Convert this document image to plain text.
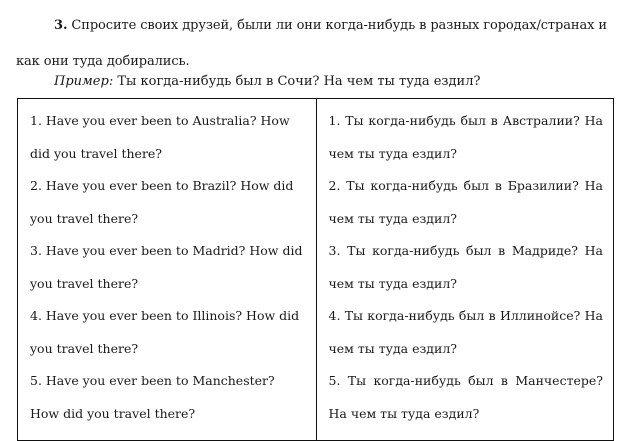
3. Спросите своих друзей, были ли они когда-нибудь в разных городах/странах и как они туда добирались.
Пример: Ты когда-нибудь был в Сочи? На чем ты туда ездил?
1. Have you ever been to Australia? How did you travel there?
2. Have you ever been to Brazil? How did you travel there?
3. Have you ever been to Madrid? How did you travel there?
4. Have you ever been to Illinois? How did you travel there?
5. Have you ever been to Manchester? How did you travel there?

1. Ты когда-нибудь был в Австралии? На чем ты туда ездил?
2. Ты когда-нибудь был в Бразилии? На чем ты туда ездил?
3. Ты когда-нибудь был в Мадриде? На чем ты туда ездил?
4. Ты когда-нибудь был в Иллинойсе? На чем ты туда ездил?
5. Ты когда-нибудь был в Манчестере? На чем ты туда ездил?
